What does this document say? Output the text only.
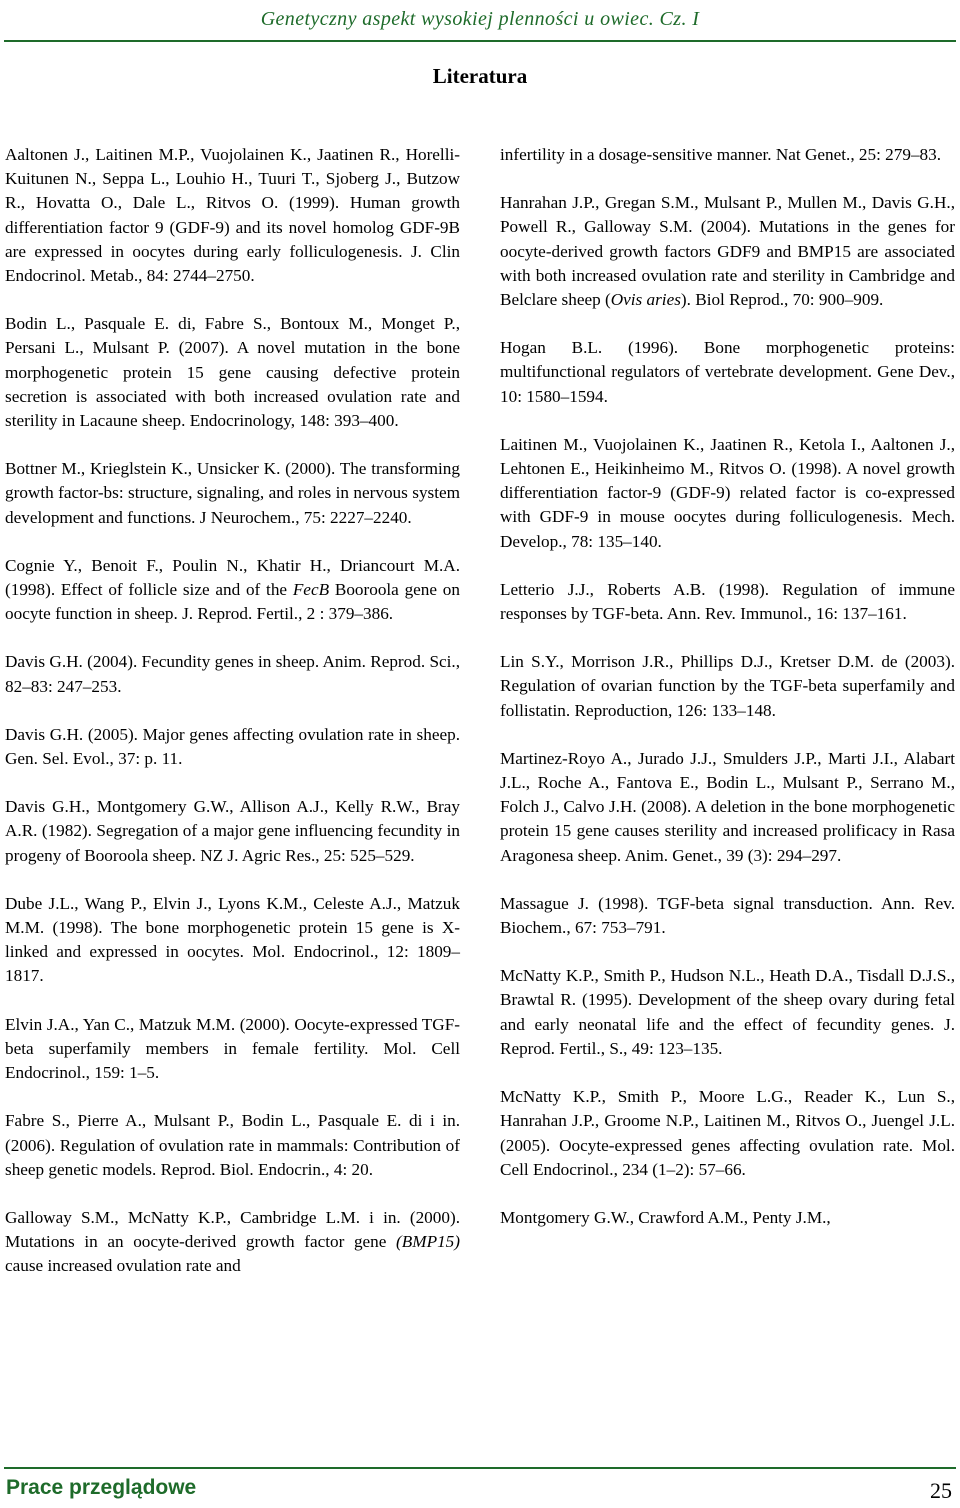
Genetyczny aspekt wysokiej plenności u owiec. Cz. I
Literatura

Aaltonen J., Laitinen M.P., Vuojolainen K., Jaatinen R., Horelli-Kuitunen N., Seppa L., Louhio H., Tuuri T., Sjoberg J., Butzow R., Hovatta O., Dale L., Ritvos O. (1999). Human growth differentiation factor 9 (GDF-9) and its novel homolog GDF-9B are expressed in oocytes during early folliculogenesis. J. Clin Endocrinol. Metab., 84: 2744–2750.

Bodin L., Pasquale E. di, Fabre S., Bontoux M., Monget P., Persani L., Mulsant P. (2007). A novel mutation in the bone morphogenetic protein 15 gene causing defective protein secretion is associated with both increased ovulation rate and sterility in Lacaune sheep. Endocrinology, 148: 393–400.

Bottner M., Krieglstein K., Unsicker K. (2000). The transforming growth factor-bs: structure, signaling, and roles in nervous system development and functions. J Neurochem., 75: 2227–2240.

Cognie Y., Benoit F., Poulin N., Khatir H., Driancourt M.A. (1998). Effect of follicle size and of the FecB Booroola gene on oocyte function in sheep. J. Reprod. Fertil., 2 : 379–386.

Davis G.H. (2004). Fecundity genes in sheep. Anim. Reprod. Sci., 82–83: 247–253.

Davis G.H. (2005). Major genes affecting ovulation rate in sheep. Gen. Sel. Evol., 37: p. 11.

Davis G.H., Montgomery G.W., Allison A.J., Kelly R.W., Bray A.R. (1982). Segregation of a major gene influencing fecundity in progeny of Booroola sheep. NZ J. Agric Res., 25: 525–529.

Dube J.L., Wang P., Elvin J., Lyons K.M., Celeste A.J., Matzuk M.M. (1998). The bone morphogenetic protein 15 gene is X-linked and expressed in oocytes. Mol. Endocrinol., 12: 1809–1817.

Elvin J.A., Yan C., Matzuk M.M. (2000). Oocyte-expressed TGF-beta superfamily members in female fertility. Mol. Cell Endocrinol., 159: 1–5.

Fabre S., Pierre A., Mulsant P., Bodin L., Pasquale E. di i in. (2006). Regulation of ovulation rate in mammals: Contribution of sheep genetic models. Reprod. Biol. Endocrin., 4: 20.

Galloway S.M., McNatty K.P., Cambridge L.M. i in. (2000). Mutations in an oocyte-derived growth factor gene (BMP15) cause increased ovulation rate and

infertility in a dosage-sensitive manner. Nat Genet., 25: 279–83.

Hanrahan J.P., Gregan S.M., Mulsant P., Mullen M., Davis G.H., Powell R., Galloway S.M. (2004). Mutations in the genes for oocyte-derived growth factors GDF9 and BMP15 are associated with both increased ovulation rate and sterility in Cambridge and Belclare sheep (Ovis aries). Biol Reprod., 70: 900–909.

Hogan B.L. (1996). Bone morphogenetic proteins: multifunctional regulators of vertebrate development. Gene Dev., 10: 1580–1594.

Laitinen M., Vuojolainen K., Jaatinen R., Ketola I., Aaltonen J., Lehtonen E., Heikinheimo M., Ritvos O. (1998). A novel growth differentiation factor-9 (GDF-9) related factor is co-expressed with GDF-9 in mouse oocytes during folliculogenesis. Mech. Develop., 78: 135–140.

Letterio J.J., Roberts A.B. (1998). Regulation of immune responses by TGF-beta. Ann. Rev. Immunol., 16: 137–161.

Lin S.Y., Morrison J.R., Phillips D.J., Kretser D.M. de (2003). Regulation of ovarian function by the TGF-beta superfamily and follistatin. Reproduction, 126: 133–148.

Martinez-Royo A., Jurado J.J., Smulders J.P., Marti J.I., Alabart J.L., Roche A., Fantova E., Bodin L., Mulsant P., Serrano M., Folch J., Calvo J.H. (2008). A deletion in the bone morphogenetic protein 15 gene causes sterility and increased prolificacy in Rasa Aragonesa sheep. Anim. Genet., 39 (3): 294–297.

Massague J. (1998). TGF-beta signal transduction. Ann. Rev. Biochem., 67: 753–791.

McNatty K.P., Smith P., Hudson N.L., Heath D.A., Tisdall D.J.S., Brawtal R. (1995). Development of the sheep ovary during fetal and early neonatal life and the effect of fecundity genes. J. Reprod. Fertil., S., 49: 123–135.

McNatty K.P., Smith P., Moore L.G., Reader K., Lun S., Hanrahan J.P., Groome N.P., Laitinen M., Ritvos O., Juengel J.L. (2005). Oocyte-expressed genes affecting ovulation rate. Mol. Cell Endocrinol., 234 (1–2): 57–66.

Montgomery G.W., Crawford A.M., Penty J.M.,

Prace przeglądowe	25
